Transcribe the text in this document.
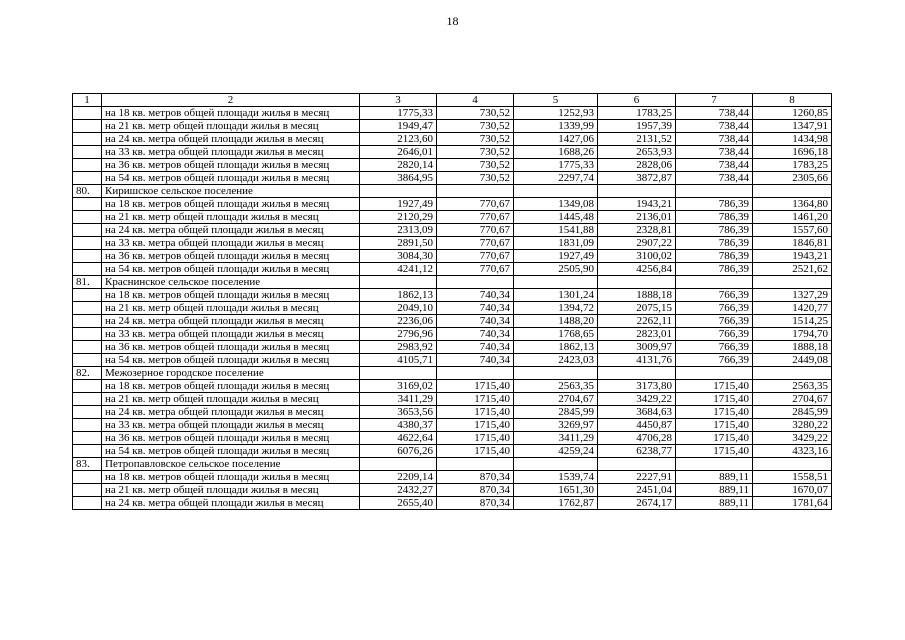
18
1	2	3	4	5	6	7	8
	на 18 кв. метров общей площади жилья в месяц	1775,33	730,52	1252,93	1783,25	738,44	1260,85
	на 21 кв. метр общей площади жилья в месяц	1949,47	730,52	1339,99	1957,39	738,44	1347,91
	на 24 кв. метра общей площади жилья в месяц	2123,60	730,52	1427,06	2131,52	738,44	1434,98
	на 33 кв. метра общей площади жилья в месяц	2646,01	730,52	1688,26	2653,93	738,44	1696,18
	на 36 кв. метров общей площади жилья в месяц	2820,14	730,52	1775,33	2828,06	738,44	1783,25
	на 54 кв. метров общей площади жилья в месяц	3864,95	730,52	2297,74	3872,87	738,44	2305,66
80.	Киришское сельское поселение						
	на 18 кв. метров общей площади жилья в месяц	1927,49	770,67	1349,08	1943,21	786,39	1364,80
	на 21 кв. метр общей площади жилья в месяц	2120,29	770,67	1445,48	2136,01	786,39	1461,20
	на 24 кв. метра общей площади жилья в месяц	2313,09	770,67	1541,88	2328,81	786,39	1557,60
	на 33 кв. метра общей площади жилья в месяц	2891,50	770,67	1831,09	2907,22	786,39	1846,81
	на 36 кв. метров общей площади жилья в месяц	3084,30	770,67	1927,49	3100,02	786,39	1943,21
	на 54 кв. метров общей площади жилья в месяц	4241,12	770,67	2505,90	4256,84	786,39	2521,62
81.	Краснинское сельское поселение						
	на 18 кв. метров общей площади жилья в месяц	1862,13	740,34	1301,24	1888,18	766,39	1327,29
	на 21 кв. метр общей площади жилья в месяц	2049,10	740,34	1394,72	2075,15	766,39	1420,77
	на 24 кв. метра общей площади жилья в месяц	2236,06	740,34	1488,20	2262,11	766,39	1514,25
	на 33 кв. метра общей площади жилья в месяц	2796,96	740,34	1768,65	2823,01	766,39	1794,70
	на 36 кв. метров общей площади жилья в месяц	2983,92	740,34	1862,13	3009,97	766,39	1888,18
	на 54 кв. метров общей площади жилья в месяц	4105,71	740,34	2423,03	4131,76	766,39	2449,08
82.	Межозерное городское поселение						
	на 18 кв. метров общей площади жилья в месяц	3169,02	1715,40	2563,35	3173,80	1715,40	2563,35
	на 21 кв. метр общей площади жилья в месяц	3411,29	1715,40	2704,67	3429,22	1715,40	2704,67
	на 24 кв. метра общей площади жилья в месяц	3653,56	1715,40	2845,99	3684,63	1715,40	2845,99
	на 33 кв. метра общей площади жилья в месяц	4380,37	1715,40	3269,97	4450,87	1715,40	3280,22
	на 36 кв. метров общей площади жилья в месяц	4622,64	1715,40	3411,29	4706,28	1715,40	3429,22
	на 54 кв. метров общей площади жилья в месяц	6076,26	1715,40	4259,24	6238,77	1715,40	4323,16
83.	Петропавловское сельское поселение						
	на 18 кв. метров общей площади жилья в месяц	2209,14	870,34	1539,74	2227,91	889,11	1558,51
	на 21 кв. метр общей площади жилья в месяц	2432,27	870,34	1651,30	2451,04	889,11	1670,07
	на 24 кв. метра общей площади жилья в месяц	2655,40	870,34	1762,87	2674,17	889,11	1781,64
